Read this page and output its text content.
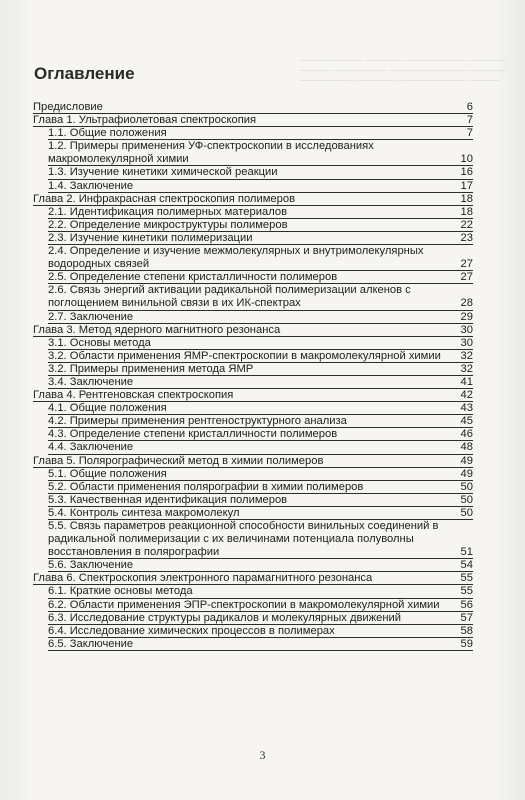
─────────── ─────── ─────────── ──────
────── ───────── ───────────── ───────
───────── ──────── ──────────── ─────
Оглавление
Предисловие	6
Глава 1. Ультрафиолетовая спектроскопия	7
1.1. Общие положения	7
1.2. Примеры применения УФ-спектроскопии в исследованиях макромолекулярной химии	10
1.3. Изучение кинетики химической реакции	16
1.4. Заключение	17
Глава 2. Инфракрасная спектроскопия полимеров	18
2.1. Идентификация полимерных материалов	18
2.2. Определение микроструктуры полимеров	22
2.3. Изучение кинетики полимеризации	23
2.4. Определение и изучение межмолекулярных и внутримолекулярных водородных связей	27
2.5. Определение степени кристалличности полимеров	27
2.6. Связь энергий активации радикальной полимеризации алкенов с поглощением винильной связи в их ИК-спектрах	28
2.7. Заключение	29
Глава 3. Метод ядерного магнитного резонанса	30
3.1. Основы метода	30
3.2. Области применения ЯМР-спектроскопии в макромолекулярной химии	32
3.2. Примеры применения метода ЯМР	32
3.4. Заключение	41
Глава 4. Рентгеновская спектроскопия	42
4.1. Общие положения	43
4.2. Примеры применения рентгеноструктурного анализа	45
4.3. Определение степени кристалличности полимеров	46
4.4. Заключение	48
Глава 5. Полярографический метод в химии полимеров	49
5.1. Общие положения	49
5.2. Области применения полярографии в химии полимеров	50
5.3. Качественная идентификация полимеров	50
5.4. Контроль синтеза макромолекул	50
5.5. Связь параметров реакционной способности винильных соединений в радикальной полимеризации с их величинами потенциала полуволны восстановления в полярографии	51
5.6. Заключение	54
Глава 6. Спектроскопия электронного парамагнитного резонанса	55
6.1. Краткие основы метода	55
6.2. Области применения ЭПР-спектроскопии в макромолекулярной химии	56
6.3. Исследование структуры радикалов и молекулярных движений	57
6.4. Исследование химических процессов в полимерах	58
6.5. Заключение	59
3
